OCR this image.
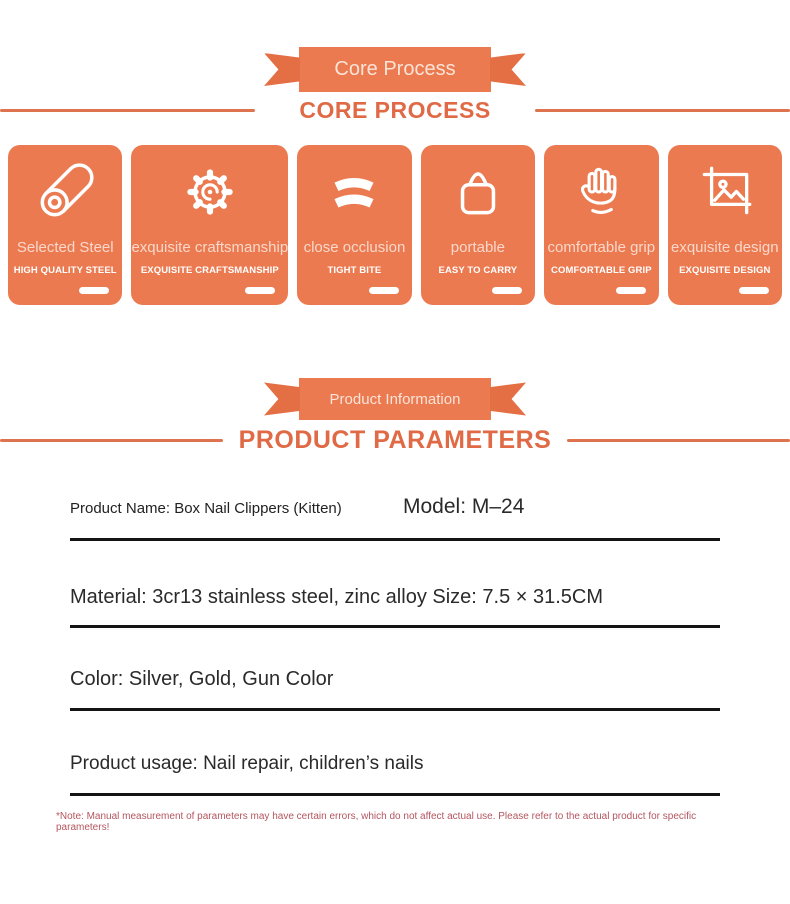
Core Process
CORE PROCESS
Selected Steel
HIGH QUALITY STEEL
exquisite craftsmanship
EXQUISITE CRAFTSMANSHIP
close occlusion
TIGHT BITE
portable
EASY TO CARRY
comfortable grip
COMFORTABLE GRIP
exquisite design
EXQUISITE DESIGN
Product Information
PRODUCT PARAMETERS
Product Name: Box Nail Clippers (Kitten)	Model: M–24
Material: 3cr13 stainless steel, zinc alloy Size: 7.5 × 31.5CM
Color: Silver, Gold, Gun Color
Product usage: Nail repair, children’s nails
*Note: Manual measurement of parameters may have certain errors, which do not affect actual use. Please refer to the actual product for specific parameters!
